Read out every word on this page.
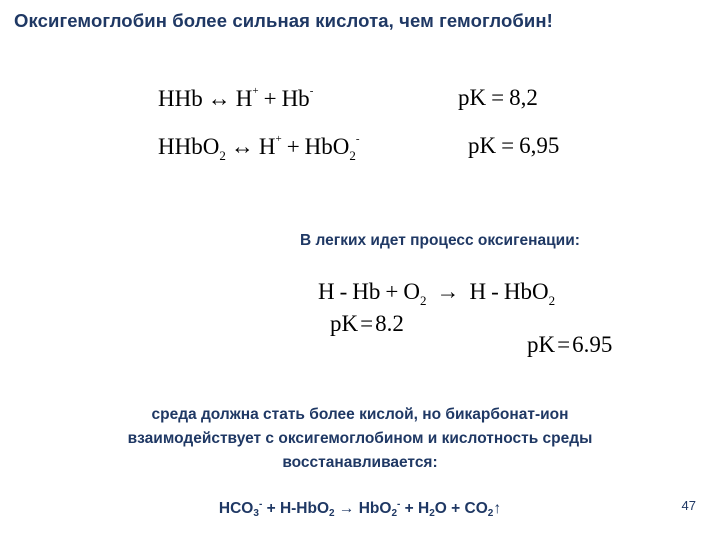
Оксигемоглобин более сильная кислота, чем гемоглобин!
HHb ↔ H+ + Hb-	pK = 8,2
HHbO$_2$ ↔ H+ + HbO$_2$-	pK = 6,95
В легких идет процесс оксигенации:
$H - Hb + O_2 \to H - HbO_2$
pK=8.2
pK=6.95
среда должна стать более кислой, но бикарбонат-ион
взаимодействует с оксигемоглобином и кислотность среды
восстанавливается:
$HCO_3^- + H-HbO_2 \to HbO_2^- + H_2O$ + $CO_2↑$	47
